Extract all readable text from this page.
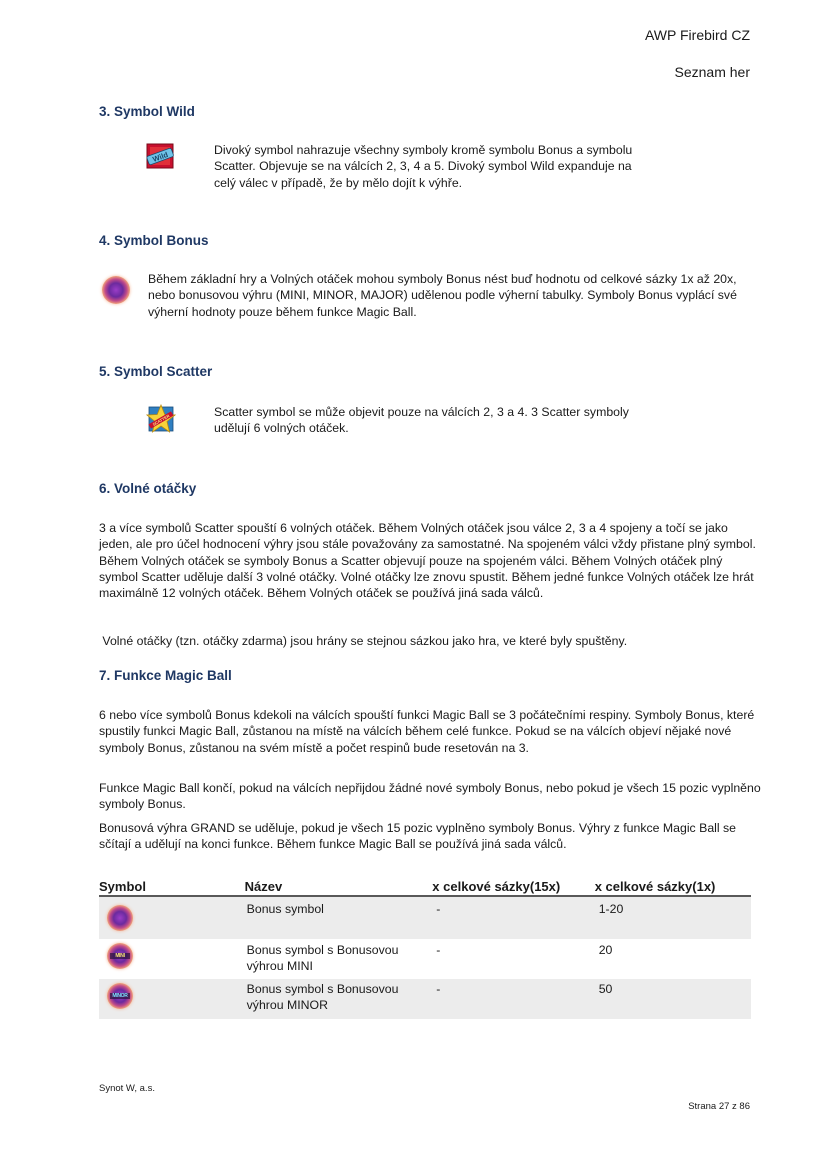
AWP Firebird CZ
Seznam her
3. Symbol Wild
Wild	Divoký symbol nahrazuje všechny symboly kromě symbolu Bonus a symbolu Scatter. Objevuje se na válcích 2, 3, 4 a 5. Divoký symbol Wild expanduje na celý válec v případě, že by mělo dojít k výhře.

4. Symbol Bonus

Během základní hry a Volných otáček mohou symboly Bonus nést buď hodnotu od celkové sázky 1x až 20x, nebo bonusovou výhru (MINI, MINOR, MAJOR) udělenou podle výherní tabulky. Symboly Bonus vyplácí své výherní hodnoty pouze během funkce Magic Ball.

5. Symbol Scatter
SCATTER

Scatter symbol se může objevit pouze na válcích 2, 3 a 4. 3 Scatter symboly udělují 6 volných otáček.

6. Volné otáčky

3 a více symbolů Scatter spouští 6 volných otáček. Během Volných otáček jsou válce 2, 3 a 4 spojeny a točí se jako jeden, ale pro účel hodnocení výhry jsou stále považovány za samostatné. Na spojeném válci vždy přistane plný symbol. Během Volných otáček se symboly Bonus a Scatter objevují pouze na spojeném válci. Během Volných otáček plný symbol Scatter uděluje další 3 volné otáčky. Volné otáčky lze znovu spustit. Během jedné funkce Volných otáček lze hrát maximálně 12 volných otáček. Během Volných otáček se používá jiná sada válců.

Volné otáčky (tzn. otáčky zdarma) jsou hrány se stejnou sázkou jako hra, ve které byly spuštěny.

7. Funkce Magic Ball

6 nebo více symbolů Bonus kdekoli na válcích spouští funkci Magic Ball se 3 počátečními respiny. Symboly Bonus, které spustily funkci Magic Ball, zůstanou na místě na válcích během celé funkce. Pokud se na válcích objeví nějaké nové symboly Bonus, zůstanou na svém místě a počet respinů bude resetován na 3.

Funkce Magic Ball končí, pokud na válcích nepřijdou žádné nové symboly Bonus, nebo pokud je všech 15 pozic vyplněno symboly Bonus.

Bonusová výhra GRAND se uděluje, pokud je všech 15 pozic vyplněno symboly Bonus. Výhry z funkce Magic Ball se sčítají a udělují na konci funkce. Během funkce Magic Ball se používá jiná sada válců.

Symbol	Název	x celkové sázky(15x)	x celkové sázky(1x)

	Bonus symbol	-	1-20

MINI	Bonus symbol s Bonusovou výhrou MINI	-	20

MINOR	Bonus symbol s Bonusovou výhrou MINOR	-	50
Synot W, a.s.
Strana 27 z 86
